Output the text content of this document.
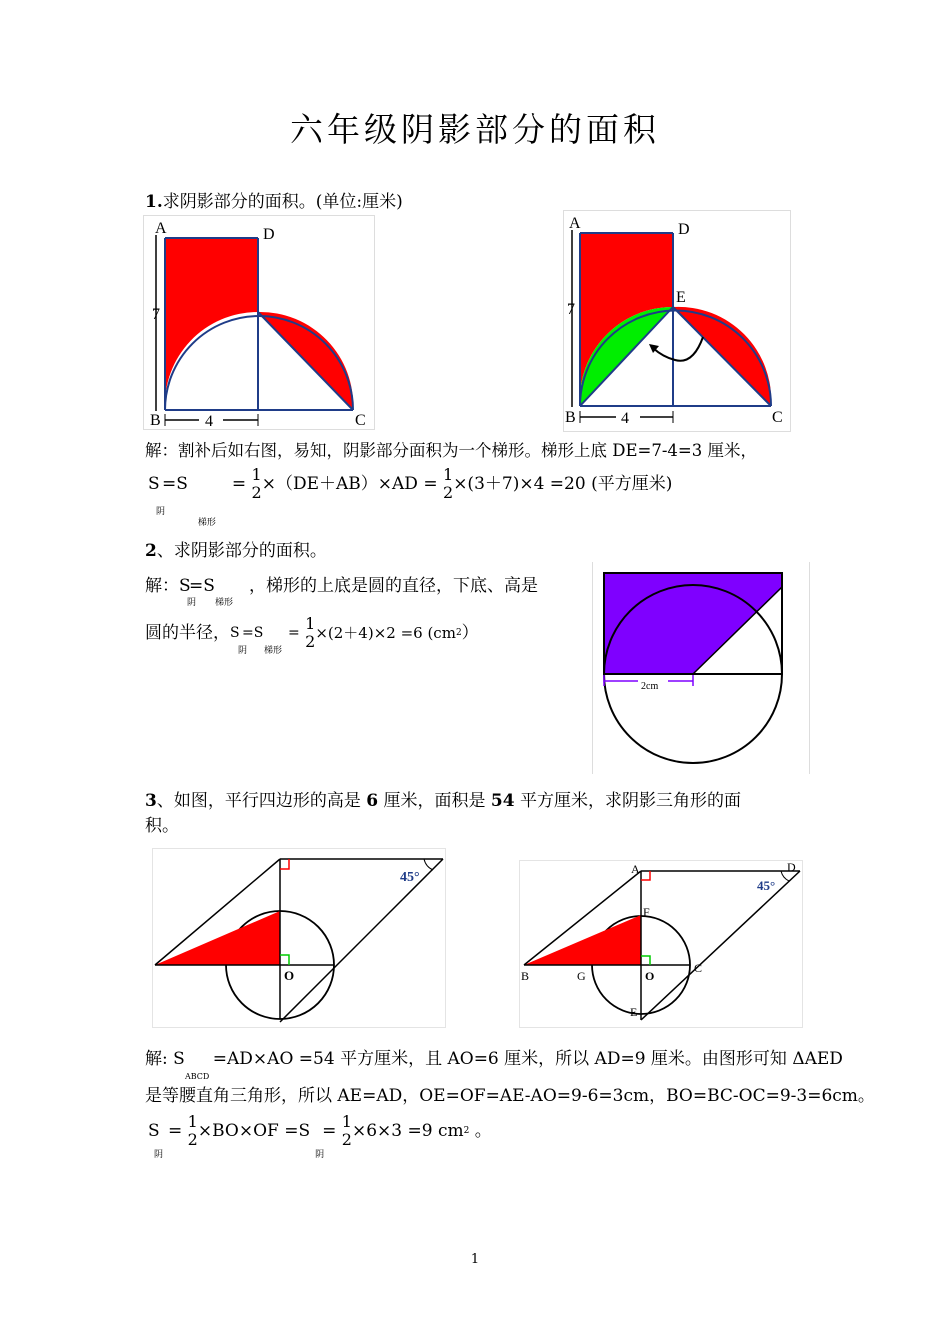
六年级阴影部分的面积
1.求阴影部分的面积。(单位:厘米)
A	D
B	C
7
4
A	D
E
B	C
7
4
解：割补后如右图，易知，阴影部分面积为一个梯形。梯形上底 DE=7-4=3 厘米，
S
阴
=S
梯形
= 1
2 ×（DE＋AB）×AD = 1
2 ×(3＋7)×4 =20 (平方厘米)
2、求阴影部分的面积。
解：S
阴
=S
梯形
，梯形的上底是圆的直径，下底、高是
圆的半径，S
阴
=S
梯形
= 1
2 ×(2＋4)×2 =6 (cm2）
2cm
3、如图，平行四边形的高是 6 厘米，面积是 54 平方厘米，求阴影三角形的面
积。
45°
O
45°
A	D
F
B	G	O
C
E
解: S
ABCD
=AD×AO =54 平方厘米，且 AO=6 厘米，所以 AD=9 厘米。由图形可知 ΔAED
是等腰直角三角形，所以 AE=AD，OE=OF=AE-AO=9-6=3cm，BO=BC-OC=9-3=6cm。
S
阴
= 1
2 ×BO×OF =S
阴
= 1
2 ×6×3 =9 cm2 。
1
